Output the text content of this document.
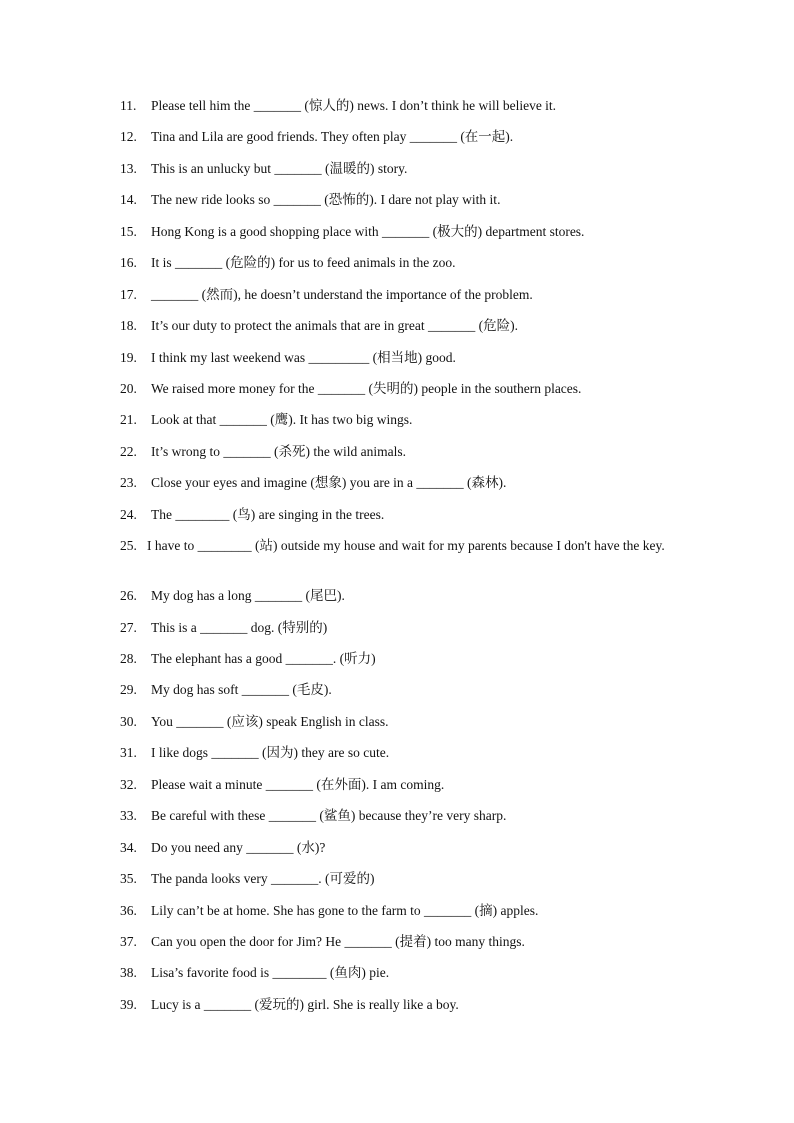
11. Please tell him the _______ (惊人的) news. I don’t think he will believe it.
12. Tina and Lila are good friends. They often play _______ (在一起).
13. This is an unlucky but _______ (温暖的) story.
14. The new ride looks so _______ (恐怖的). I dare not play with it.
15. Hong Kong is a good shopping place with _______ (极大的) department stores.
16. It is _______ (危险的) for us to feed animals in the zoo.
17. _______ (然而), he doesn’t understand the importance of the problem.
18. It’s our duty to protect the animals that are in great _______ (危险).
19. I think my last weekend was _________ (相当地) good.
20. We raised more money for the _______ (失明的) people in the southern places.
21. Look at that _______ (鹰). It has two big wings.
22. It’s wrong to _______ (杀死) the wild animals.
23. Close your eyes and imagine (想象) you are in a _______ (森林).
24. The ________ (鸟) are singing in the trees.
25. I have to ________ (站) outside my house and wait for my parents because I don't have the key.
26. My dog has a long _______ (尾巴).
27. This is a _______ dog. (特别的)
28. The elephant has a good _______. (听力)
29. My dog has soft _______ (毛皮).
30. You _______ (应该) speak English in class.
31. I like dogs _______ (因为) they are so cute.
32. Please wait a minute _______ (在外面). I am coming.
33. Be careful with these _______ (鲨鱼) because they’re very sharp.
34. Do you need any _______ (水)?
35. The panda looks very _______. (可爱的)
36. Lily can’t be at home. She has gone to the farm to _______ (摘) apples.
37. Can you open the door for Jim? He _______ (提着) too many things.
38. Lisa’s favorite food is ________ (鱼肉) pie.
39. Lucy is a _______ (爱玩的) girl. She is really like a boy.
